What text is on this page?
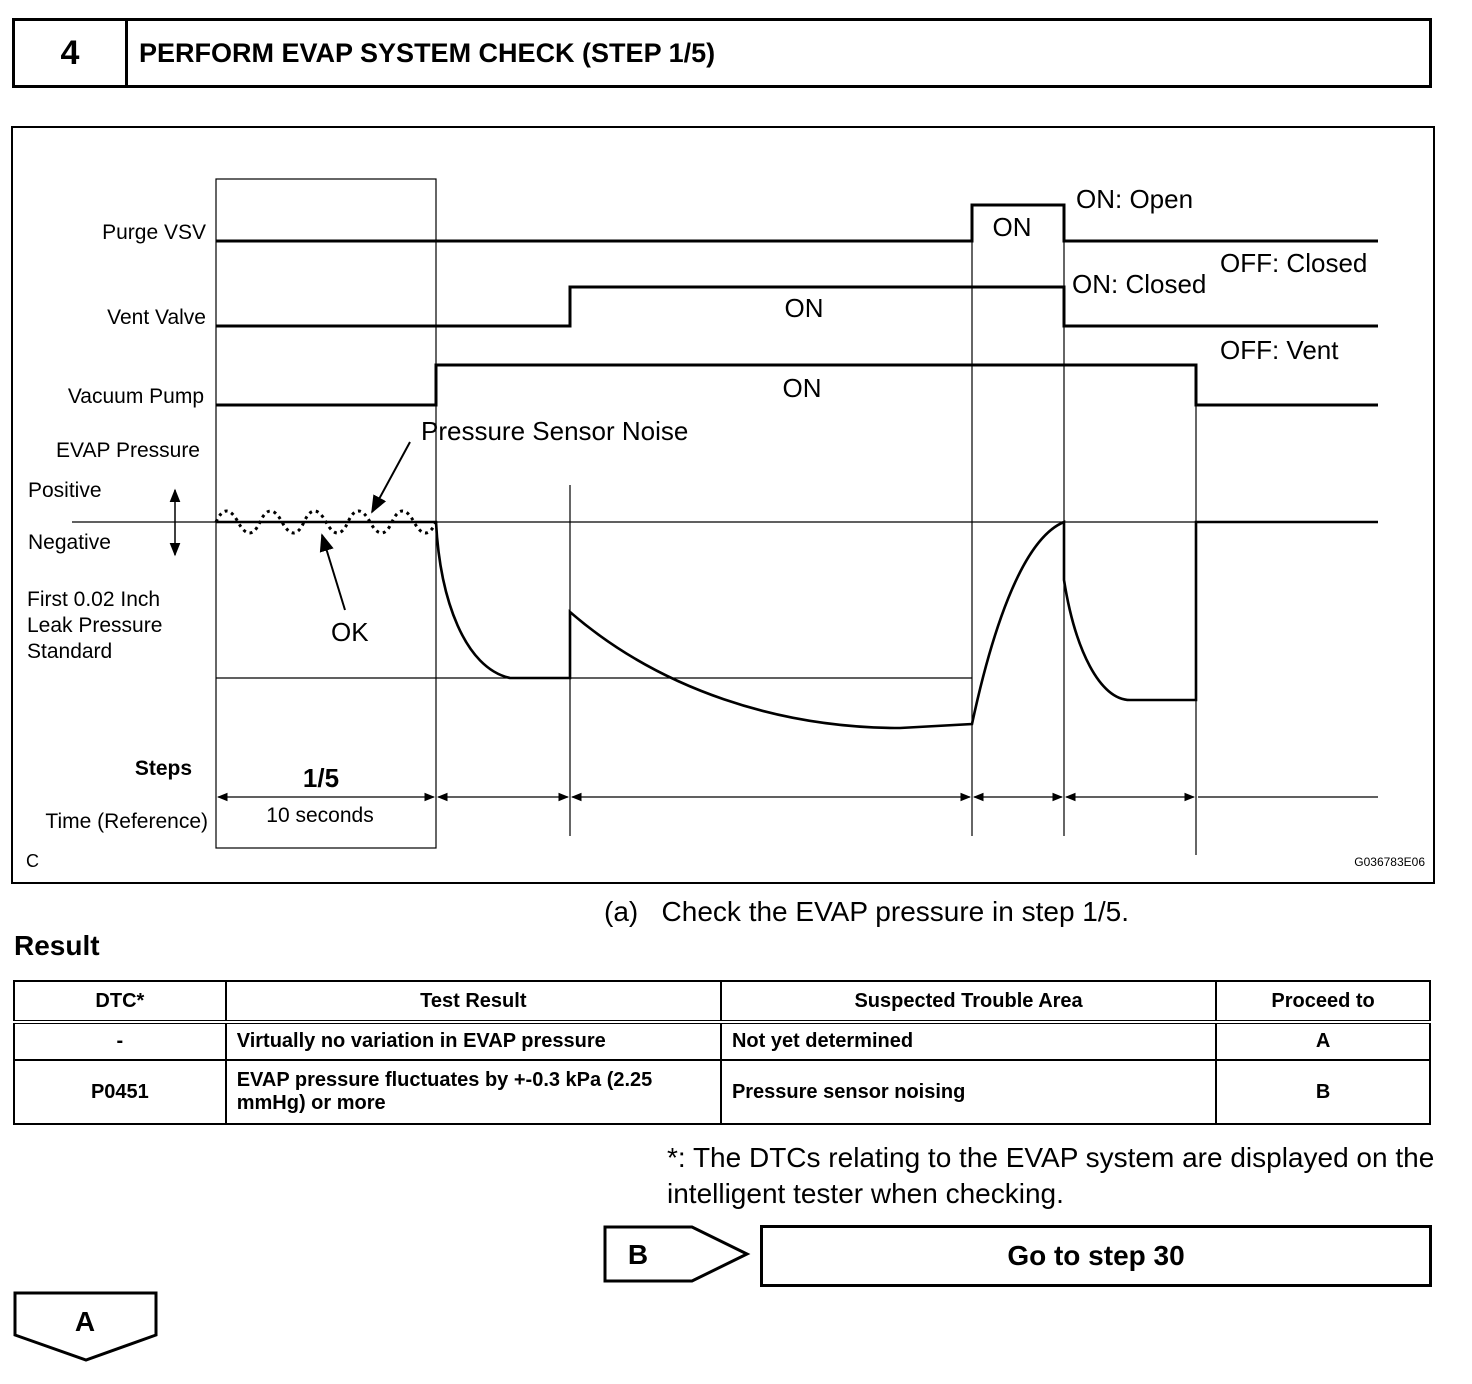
4	PERFORM EVAP SYSTEM CHECK (STEP 1/5)
Purge VSV
Vent Valve
Vacuum Pump
EVAP Pressure
Positive
Negative
First 0.02 Inch
Leak Pressure
Standard
Steps
Time (Reference)	10 seconds
ON
ON: Open
ON
ON: Closed
OFF: Closed
ON
OFF: Vent
Pressure Sensor Noise
OK
1/5
C	G036783E06
(a)   Check the EVAP pressure in step 1/5.
Result
DTC*	Test Result	Suspected Trouble Area	Proceed to
-	Virtually no variation in EVAP pressure	Not yet determined	A
P0451	EVAP pressure fluctuates by +-0.3 kPa (2.25 mmHg) or more	Pressure sensor noising	B
*: The DTCs relating to the EVAP system are displayed on the intelligent tester when checking.
B	Go to step 30
A
